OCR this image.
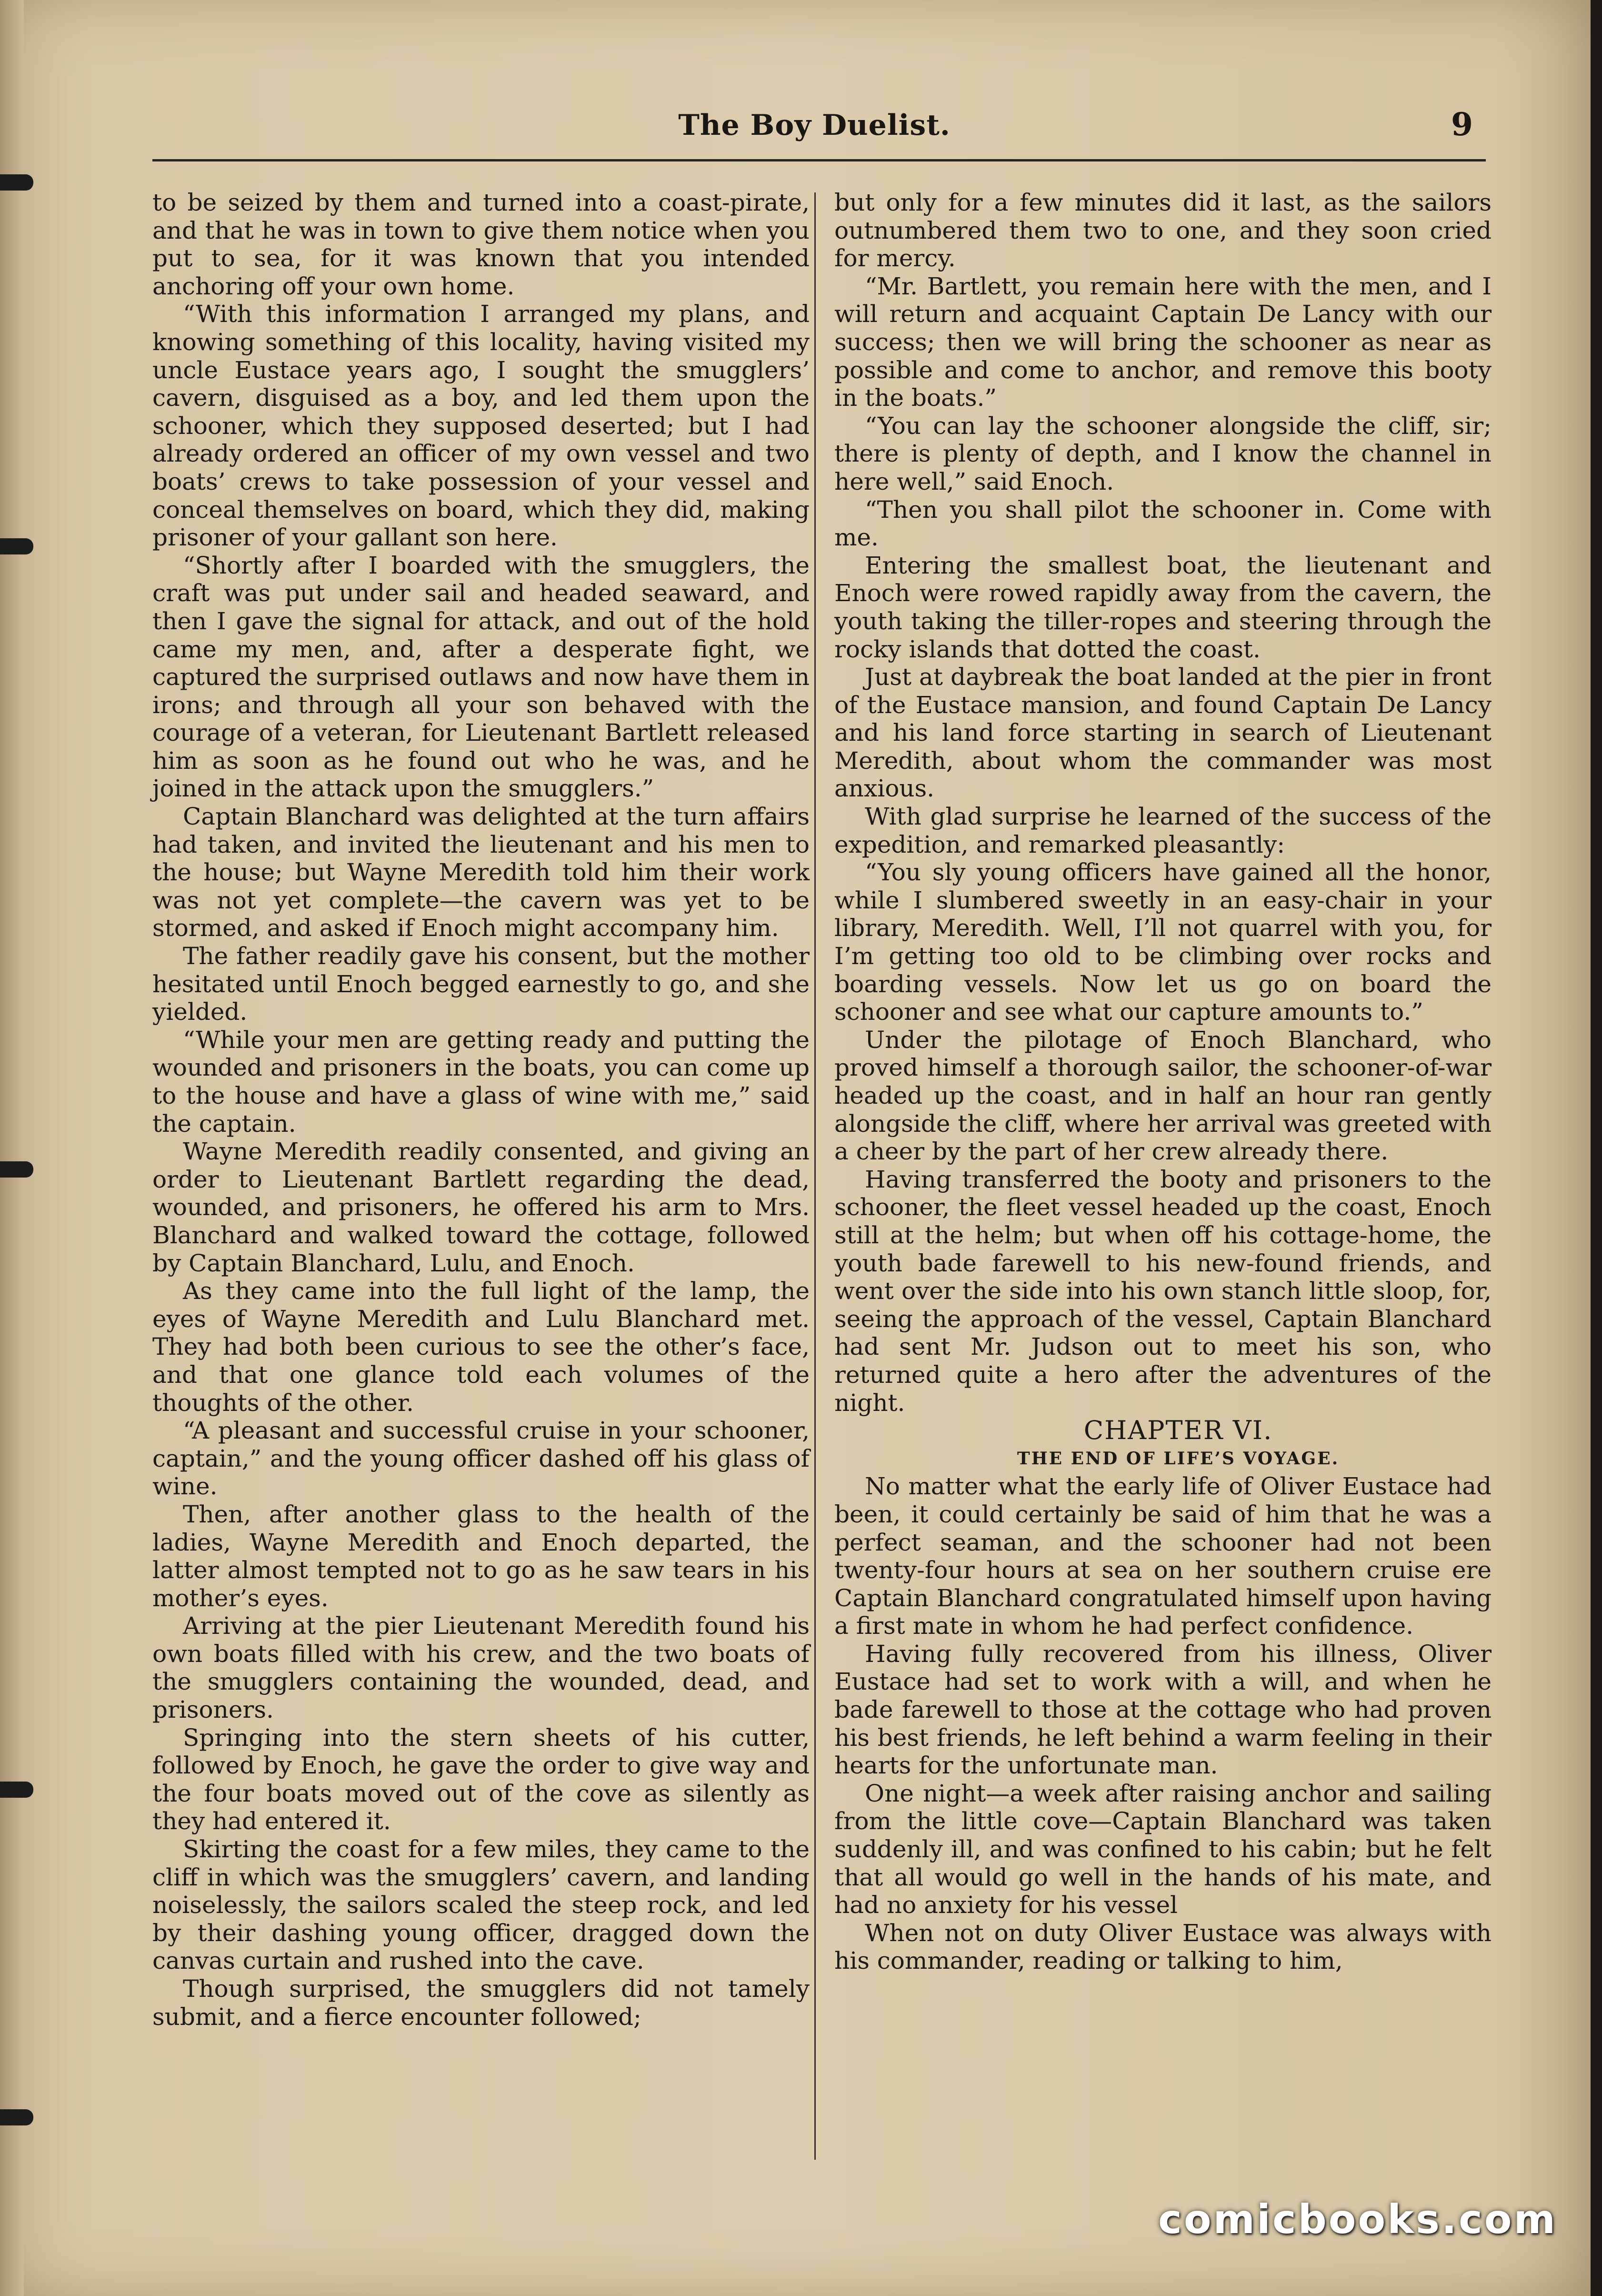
The Boy Duelist.	9

to be seized by them and turned into a coast-pirate, and that he was in town to give them notice when you put to sea, for it was known that you intended anchoring off your own home.

“With this information I arranged my plans, and knowing something of this locality, having visited my uncle Eustace years ago, I sought the smugglers’ cavern, disguised as a boy, and led them upon the schooner, which they supposed deserted; but I had already ordered an officer of my own vessel and two boats’ crews to take possession of your vessel and conceal themselves on board, which they did, making prisoner of your gallant son here.

“Shortly after I boarded with the smugglers, the craft was put under sail and headed seaward, and then I gave the signal for attack, and out of the hold came my men, and, after a desperate fight, we captured the surprised outlaws and now have them in irons; and through all your son behaved with the courage of a veteran, for Lieutenant Bartlett released him as soon as he found out who he was, and he joined in the attack upon the smugglers.”

Captain Blanchard was delighted at the turn affairs had taken, and invited the lieutenant and his men to the house; but Wayne Meredith told him their work was not yet complete—the cavern was yet to be stormed, and asked if Enoch might accompany him.

The father readily gave his consent, but the mother hesitated until Enoch begged earnestly to go, and she yielded.

“While your men are getting ready and putting the wounded and prisoners in the boats, you can come up to the house and have a glass of wine with me,” said the captain.

Wayne Meredith readily consented, and giving an order to Lieutenant Bartlett regarding the dead, wounded, and prisoners, he offered his arm to Mrs. Blanchard and walked toward the cottage, followed by Captain Blanchard, Lulu, and Enoch.

As they came into the full light of the lamp, the eyes of Wayne Meredith and Lulu Blanchard met. They had both been curious to see the other’s face, and that one glance told each volumes of the thoughts of the other.

“A pleasant and successful cruise in your schooner, captain,” and the young officer dashed off his glass of wine.

Then, after another glass to the health of the ladies, Wayne Meredith and Enoch departed, the latter almost tempted not to go as he saw tears in his mother’s eyes.

Arriving at the pier Lieutenant Meredith found his own boats filled with his crew, and the two boats of the smugglers containing the wounded, dead, and prisoners.

Springing into the stern sheets of his cutter, followed by Enoch, he gave the order to give way and the four boats moved out of the cove as silently as they had entered it.

Skirting the coast for a few miles, they came to the cliff in which was the smugglers’ cavern, and landing noiselessly, the sailors scaled the steep rock, and led by their dashing young officer, dragged down the canvas curtain and rushed into the cave.

Though surprised, the smugglers did not tamely submit, and a fierce encounter followed;

but only for a few minutes did it last, as the sailors outnumbered them two to one, and they soon cried for mercy.

“Mr. Bartlett, you remain here with the men, and I will return and acquaint Captain De Lancy with our success; then we will bring the schooner as near as possible and come to anchor, and remove this booty in the boats.”

“You can lay the schooner alongside the cliff, sir; there is plenty of depth, and I know the channel in here well,” said Enoch.

“Then you shall pilot the schooner in. Come with me.

Entering the smallest boat, the lieutenant and Enoch were rowed rapidly away from the cavern, the youth taking the tiller-ropes and steering through the rocky islands that dotted the coast.

Just at daybreak the boat landed at the pier in front of the Eustace mansion, and found Captain De Lancy and his land force starting in search of Lieutenant Meredith, about whom the commander was most anxious.

With glad surprise he learned of the success of the expedition, and remarked pleasantly:

“You sly young officers have gained all the honor, while I slumbered sweetly in an easy-chair in your library, Meredith. Well, I’ll not quarrel with you, for I’m getting too old to be climbing over rocks and boarding vessels. Now let us go on board the schooner and see what our capture amounts to.”

Under the pilotage of Enoch Blanchard, who proved himself a thorough sailor, the schooner-of-war headed up the coast, and in half an hour ran gently alongside the cliff, where her arrival was greeted with a cheer by the part of her crew already there.

Having transferred the booty and prisoners to the schooner, the fleet vessel headed up the coast, Enoch still at the helm; but when off his cottage-home, the youth bade farewell to his new-found friends, and went over the side into his own stanch little sloop, for, seeing the approach of the vessel, Captain Blanchard had sent Mr. Judson out to meet his son, who returned quite a hero after the adventures of the night.

CHAPTER VI.

THE END OF LIFE’S VOYAGE.

No matter what the early life of Oliver Eustace had been, it could certainly be said of him that he was a perfect seaman, and the schooner had not been twenty-four hours at sea on her southern cruise ere Captain Blanchard congratulated himself upon having a first mate in whom he had perfect confidence.

Having fully recovered from his illness, Oliver Eustace had set to work with a will, and when he bade farewell to those at the cottage who had proven his best friends, he left behind a warm feeling in their hearts for the unfortunate man.

One night—a week after raising anchor and sailing from the little cove—Captain Blanchard was taken suddenly ill, and was confined to his cabin; but he felt that all would go well in the hands of his mate, and had no anxiety for his vessel

When not on duty Oliver Eustace was always with his commander, reading or talking to him,

comicbooks.com
